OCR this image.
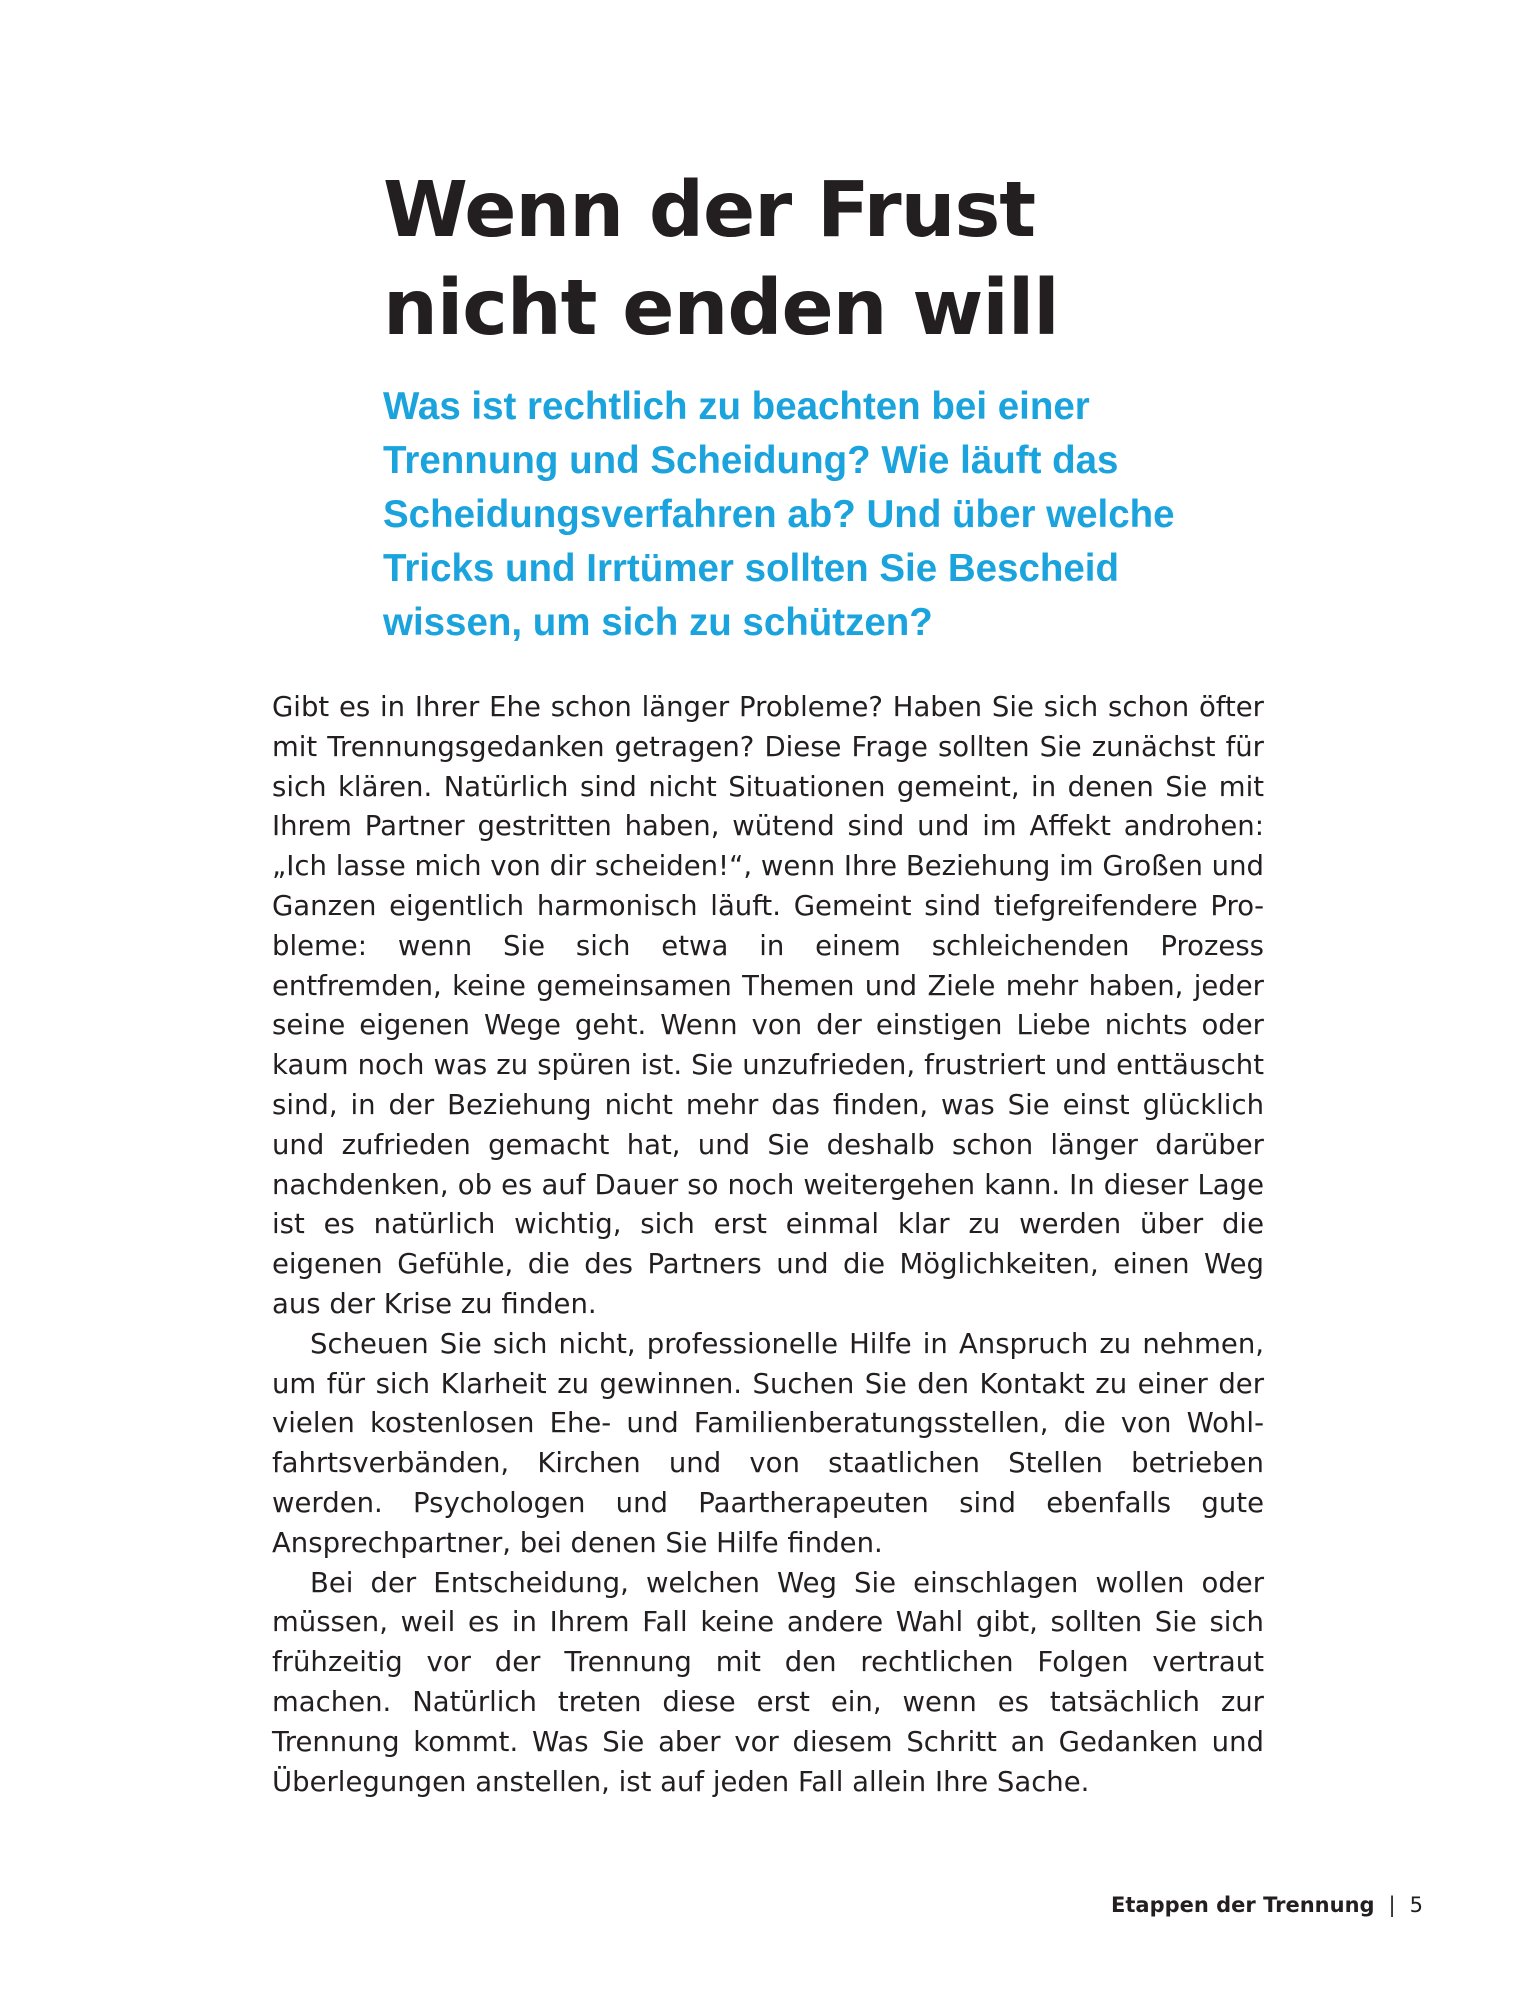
Wenn der Frust nicht enden will
Was ist rechtlich zu beachten bei einer Trennung und Scheidung? Wie läuft das Scheidungsverfahren ab? Und über welche Tricks und Irrtümer sollten Sie Bescheid wissen, um sich zu schützen?

Gibt es in Ihrer Ehe schon länger Probleme? Haben Sie sich schon öfter mit Trennungsgedanken getragen? Diese Frage sollten Sie zunächst für sich klären. Natürlich sind nicht Situationen gemeint, in denen Sie mit Ihrem Partner gestritten haben, wütend sind und im Affekt androhen: „Ich lasse mich von dir scheiden!“, wenn Ihre Beziehung im Großen und Ganzen eigentlich harmonisch läuft. Gemeint sind tiefgreifendere Probleme: wenn Sie sich etwa in einem schleichenden Prozess entfremden, keine gemeinsamen Themen und Ziele mehr haben, jeder seine eigenen Wege geht. Wenn von der einstigen Liebe nichts oder kaum noch was zu spüren ist. Sie unzufrieden, frustriert und enttäuscht sind, in der Beziehung nicht mehr das finden, was Sie einst glücklich und zufrieden gemacht hat, und Sie deshalb schon länger darüber nachdenken, ob es auf Dauer so noch weitergehen kann. In dieser Lage ist es natürlich wichtig, sich erst einmal klar zu werden über die eigenen Gefühle, die des Partners und die Möglichkeiten, einen Weg aus der Krise zu finden.

Scheuen Sie sich nicht, professionelle Hilfe in Anspruch zu nehmen, um für sich Klarheit zu gewinnen. Suchen Sie den Kontakt zu einer der vielen kostenlosen Ehe- und Familienberatungsstellen, die von Wohlfahrtsverbänden, Kirchen und von staatlichen Stellen betrieben werden. Psychologen und Paartherapeuten sind ebenfalls gute Ansprechpartner, bei denen Sie Hilfe finden.

Bei der Entscheidung, welchen Weg Sie einschlagen wollen oder müssen, weil es in Ihrem Fall keine andere Wahl gibt, sollten Sie sich frühzeitig vor der Trennung mit den rechtlichen Folgen vertraut machen. Natürlich treten diese erst ein, wenn es tatsächlich zur Trennung kommt. Was Sie aber vor diesem Schritt an Gedanken und Überlegungen anstellen, ist auf jeden Fall allein Ihre Sache.

Etappen der Trennung | 5
